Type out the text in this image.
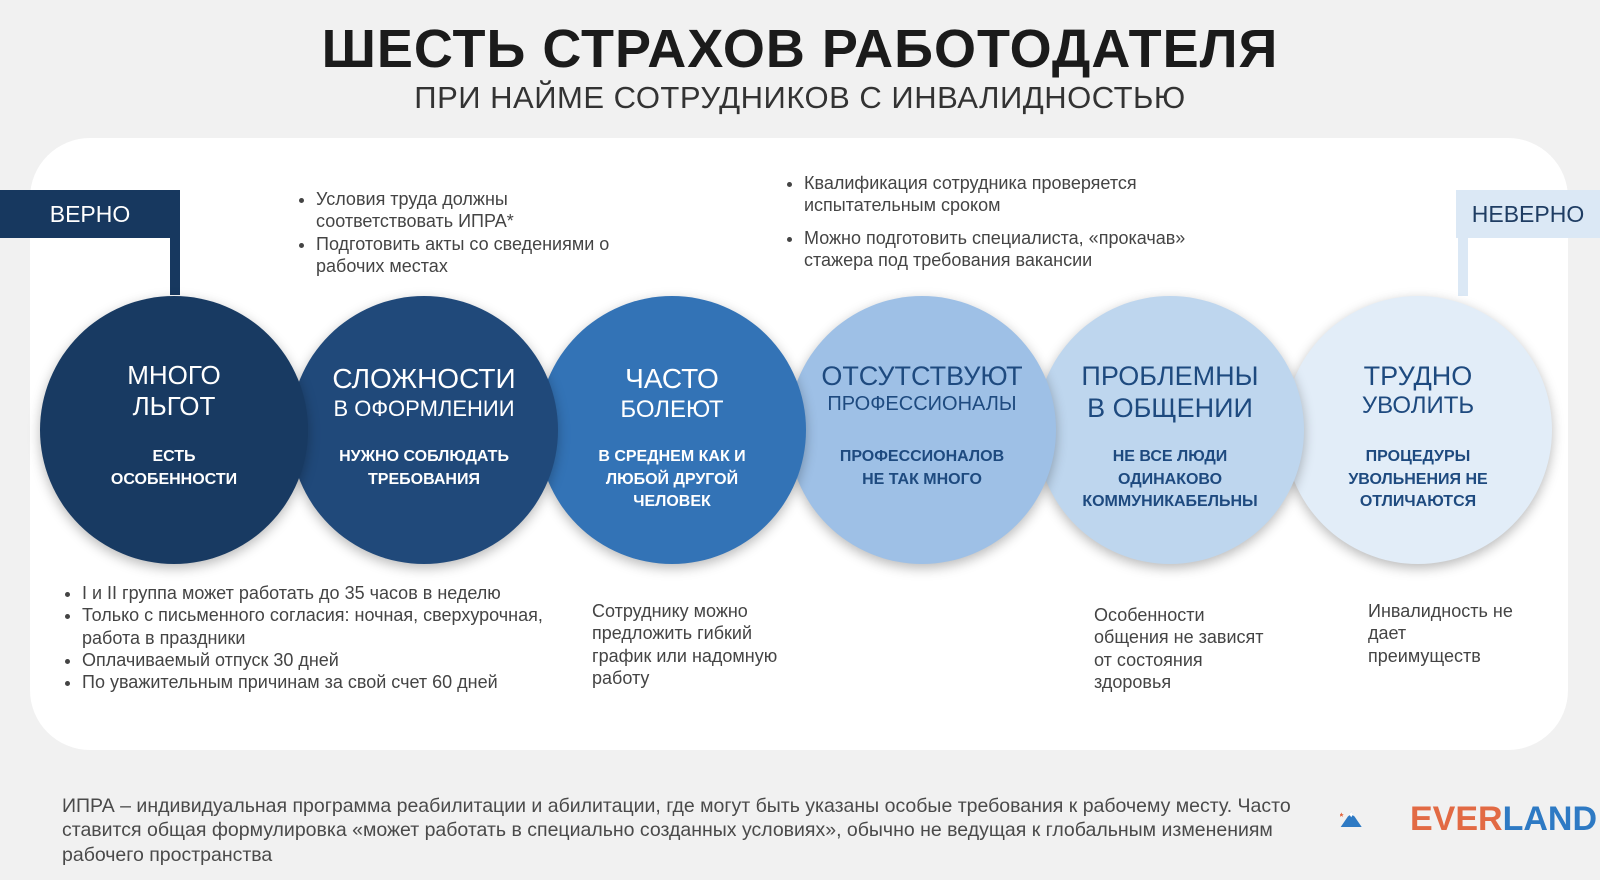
ШЕСТЬ СТРАХОВ РАБОТОДАТЕЛЯ
ПРИ НАЙМЕ СОТРУДНИКОВ С ИНВАЛИДНОСТЬЮ
ВЕРНО	НЕВЕРНО
• Условия труда должны соответствовать ИПРА*
• Подготовить акты со сведениями о рабочих местах
• Квалификация сотрудника проверяется испытательным сроком
• Можно подготовить специалиста, «прокачав» стажера под требования вакансии
ТРУДНО
УВОЛИТЬ
ПРОЦЕДУРЫ
УВОЛЬНЕНИЯ НЕ
ОТЛИЧАЮТСЯ
ПРОБЛЕМНЫ
В ОБЩЕНИИ
НЕ ВСЕ ЛЮДИ
ОДИНАКОВО
КОММУНИКАБЕЛЬНЫ
ОТСУТСТВУЮТ
ПРОФЕССИОНАЛЫ
ПРОФЕССИОНАЛОВ
НЕ ТАК МНОГО
ЧАСТО
БОЛЕЮТ
В СРЕДНЕМ КАК И
ЛЮБОЙ ДРУГОЙ
ЧЕЛОВЕК
СЛОЖНОСТИ
В ОФОРМЛЕНИИ
НУЖНО СОБЛЮДАТЬ
ТРЕБОВАНИЯ
МНОГО
ЛЬГОТ
ЕСТЬ
ОСОБЕННОСТИ
• I и II группа может работать до 35 часов в неделю
• Только с письменного согласия: ночная, сверхурочная, работа в праздники
• Оплачиваемый отпуск 30 дней
• По уважительным причинам за свой счет 60 дней
Сотруднику можно предложить гибкий график или надомную работу
Особенности общения не зависят от состояния здоровья
Инвалидность не дает преимуществ
ИПРА – индивидуальная программа реабилитации и абилитации, где могут быть указаны особые требования к рабочему месту. Часто ставится общая формулировка «может работать в специально созданных условиях», обычно не ведущая к глобальным изменениям рабочего пространства
EVERLAND
